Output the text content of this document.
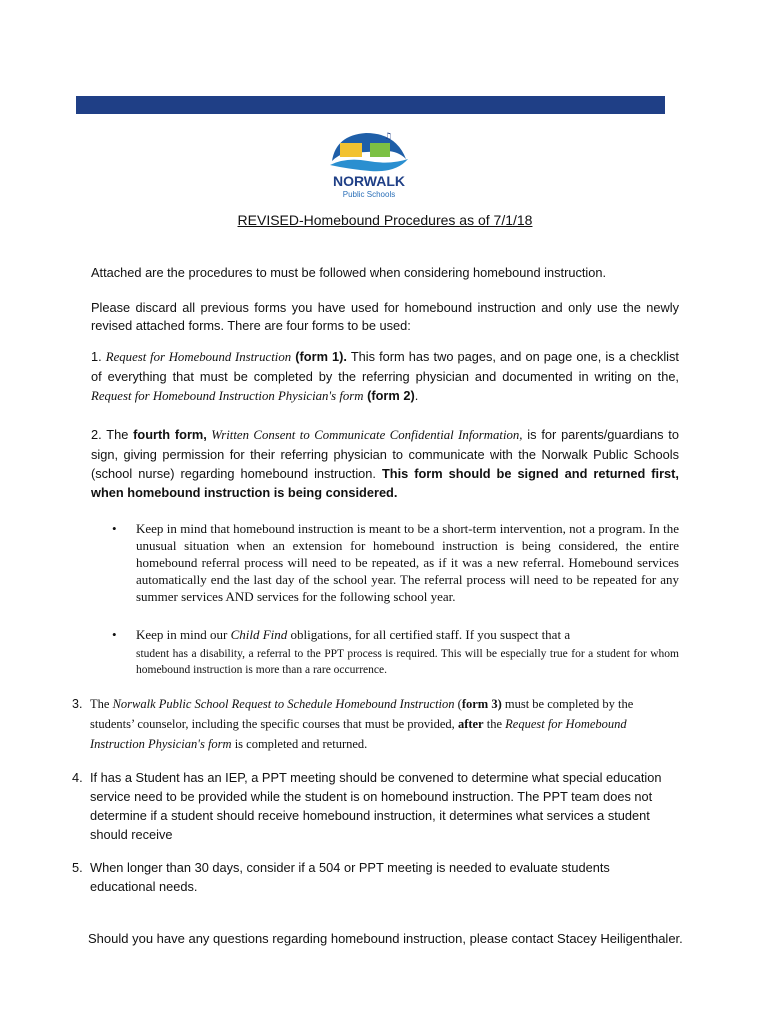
♫
NORWALK
Public Schools
REVISED-Homebound Procedures as of 7/1/18
Attached are the procedures to must be followed when considering homebound instruction.
Please discard all previous forms you have used for homebound instruction and only use the newly revised attached forms. There are four forms to be used:
1. Request for Homebound Instruction (form 1). This form has two pages, and on page one, is a checklist of everything that must be completed by the referring physician and documented in writing on the, Request for Homebound Instruction Physician's form (form 2).
2. The fourth form, Written Consent to Communicate Confidential Information, is for parents/guardians to sign, giving permission for their referring physician to communicate with the Norwalk Public Schools (school nurse) regarding homebound instruction. This form should be signed and returned first, when homebound instruction is being considered.
• Keep in mind that homebound instruction is meant to be a short-term intervention, not a program. In the unusual situation when an extension for homebound instruction is being considered, the entire homebound referral process will need to be repeated, as if it was a new referral. Homebound services automatically end the last day of the school year. The referral process will need to be repeated for any summer services AND services for the following school year.
• Keep in mind our Child Find obligations, for all certified staff. If you suspect that a
student has a disability, a referral to the PPT process is required. This will be especially true for a student for whom homebound instruction is more than a rare occurrence.
3. The Norwalk Public School Request to Schedule Homebound Instruction (form 3) must be completed by the students’ counselor, including the specific courses that must be provided, after the Request for Homebound Instruction Physician's form is completed and returned.
4. If has a Student has an IEP, a PPT meeting should be convened to determine what special education service need to be provided while the student is on homebound instruction. The PPT team does not determine if a student should receive homebound instruction, it determines what services a student should receive
5. When longer than 30 days, consider if a 504 or PPT meeting is needed to evaluate students educational needs.
Should you have any questions regarding homebound instruction, please contact Stacey Heiligenthaler.
